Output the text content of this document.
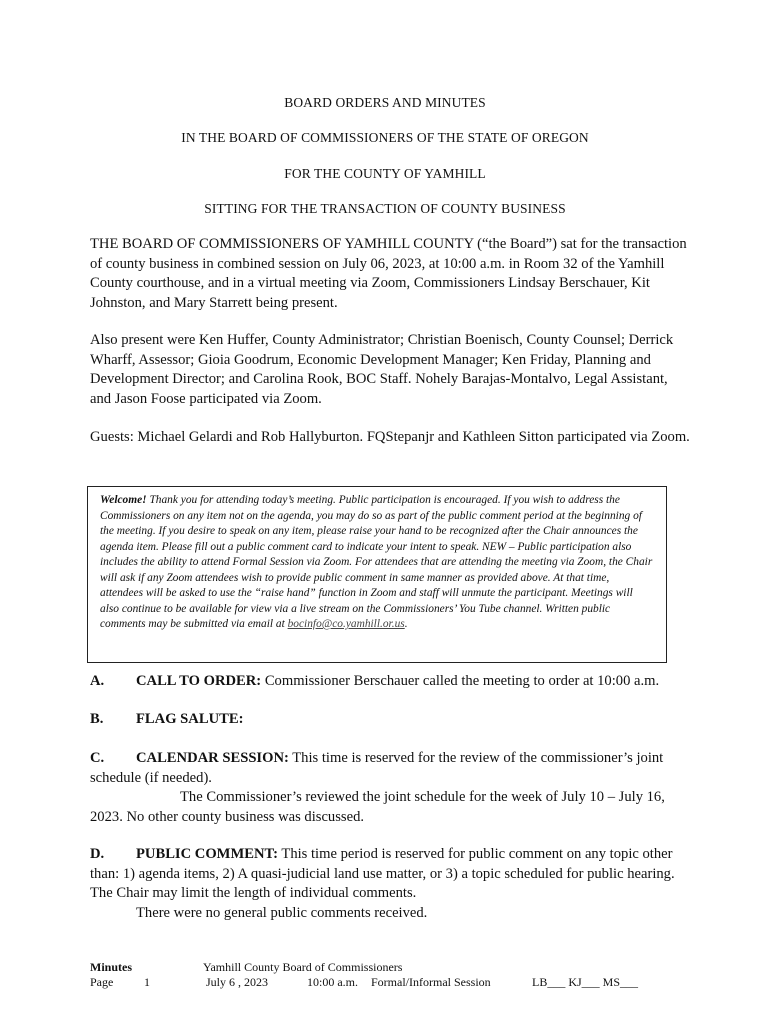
BOARD ORDERS AND MINUTES
IN THE BOARD OF COMMISSIONERS OF THE STATE OF OREGON
FOR THE COUNTY OF YAMHILL
SITTING FOR THE TRANSACTION OF COUNTY BUSINESS
THE BOARD OF COMMISSIONERS OF YAMHILL COUNTY (“the Board”) sat for the transaction of county business in combined session on July 06, 2023, at 10:00 a.m. in Room 32 of the Yamhill County courthouse, and in a virtual meeting via Zoom, Commissioners Lindsay Berschauer, Kit Johnston, and Mary Starrett being present.
Also present were Ken Huffer, County Administrator; Christian Boenisch, County Counsel; Derrick Wharff, Assessor; Gioia Goodrum, Economic Development Manager; Ken Friday, Planning and Development Director; and Carolina Rook, BOC Staff. Nohely Barajas-Montalvo, Legal Assistant, and Jason Foose participated via Zoom.
Guests: Michael Gelardi and Rob Hallyburton. FQStepanjr and Kathleen Sitton participated via Zoom.
Welcome! Thank you for attending today’s meeting. Public participation is encouraged. If you wish to address the Commissioners on any item not on the agenda, you may do so as part of the public comment period at the beginning of the meeting. If you desire to speak on any item, please raise your hand to be recognized after the Chair announces the agenda item. Please fill out a public comment card to indicate your intent to speak. NEW – Public participation also includes the ability to attend Formal Session via Zoom. For attendees that are attending the meeting via Zoom, the Chair will ask if any Zoom attendees wish to provide public comment in same manner as provided above. At that time, attendees will be asked to use the “raise hand” function in Zoom and staff will unmute the participant. Meetings will also continue to be available for view via a live stream on the Commissioners’ You Tube channel. Written public comments may be submitted via email at bocinfo@co.yamhill.or.us.
A. CALL TO ORDER: Commissioner Berschauer called the meeting to order at 10:00 a.m.
B. FLAG SALUTE:
C. CALENDAR SESSION: This time is reserved for the review of the commissioner’s joint schedule (if needed).
The Commissioner’s reviewed the joint schedule for the week of July 10 – July 16, 2023. No other county business was discussed.
D. PUBLIC COMMENT: This time period is reserved for public comment on any topic other than: 1) agenda items, 2) A quasi-judicial land use matter, or 3) a topic scheduled for public hearing. The Chair may limit the length of individual comments.
There were no general public comments received.
Minutes
Page	1
Yamhill County Board of Commissioners
July 6 , 2023	10:00 a.m. Formal/Informal Session	LB___ KJ___ MS___
